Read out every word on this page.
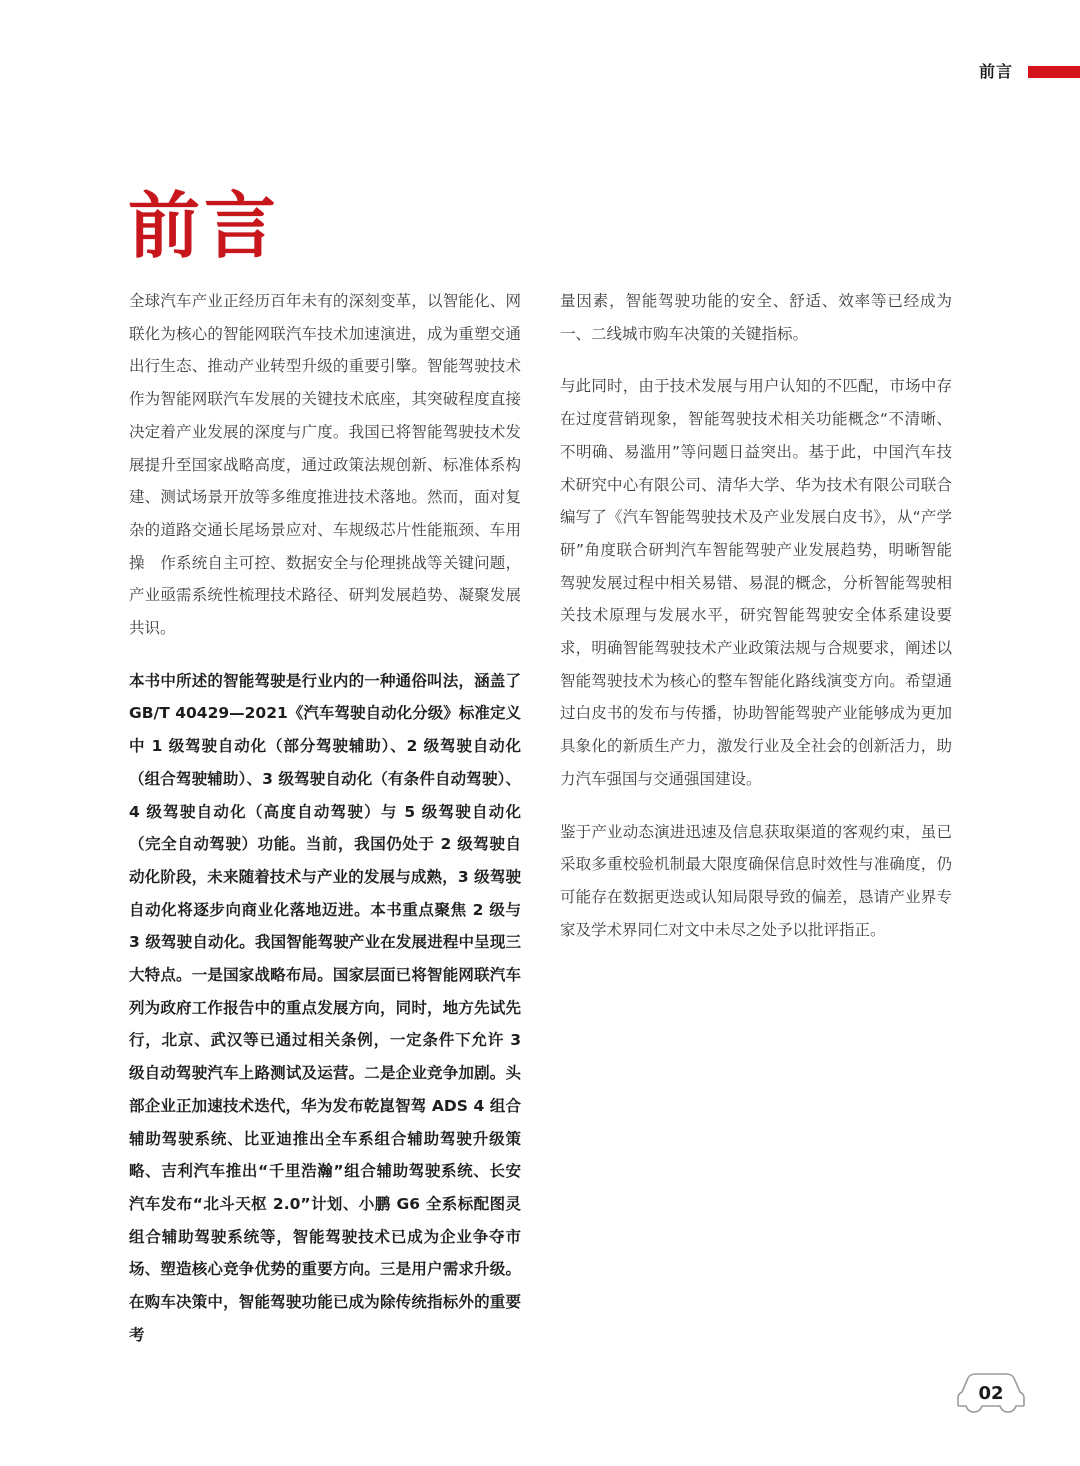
前言
前言

全球汽车产业正经历百年未有的深刻变革，以智能化、网联化为核心的智能网联汽车技术加速演进，成为重塑交通出行生态、推动产业转型升级的重要引擎。智能驾驶技术作为智能网联汽车发展的关键技术底座，其突破程度直接决定着产业发展的深度与广度。我国已将智能驾驶技术发展提升至国家战略高度，通过政策法规创新、标准体系构建、测试场景开放等多维度推进技术落地。然而，面对复杂的道路交通长尾场景应对、车规级芯片性能瓶颈、车用操　作系统自主可控、数据安全与伦理挑战等关键问题，产业亟需系统性梳理技术路径、研判发展趋势、凝聚发展共识。

本书中所述的智能驾驶是行业内的一种通俗叫法，涵盖了 GB/T 40429—2021《汽车驾驶自动化分级》标准定义中 1 级驾驶自动化（部分驾驶辅助）、2 级驾驶自动化（组合驾驶辅助）、3 级驾驶自动化（有条件自动驾驶）、4 级驾驶自动化（高度自动驾驶）与 5 级驾驶自动化（完全自动驾驶）功能。当前，我国仍处于 2 级驾驶自动化阶段，未来随着技术与产业的发展与成熟，3 级驾驶自动化将逐步向商业化落地迈进。本书重点聚焦 2 级与 3 级驾驶自动化。我国智能驾驶产业在发展进程中呈现三大特点。一是国家战略布局。国家层面已将智能网联汽车列为政府工作报告中的重点发展方向，同时，地方先试先行，北京、武汉等已通过相关条例，一定条件下允许 3 级自动驾驶汽车上路测试及运营。二是企业竞争加剧。头部企业正加速技术迭代，华为发布乾崑智驾 ADS 4 组合辅助驾驶系统、比亚迪推出全车系组合辅助驾驶升级策略、吉利汽车推出“千里浩瀚”组合辅助驾驶系统、长安汽车发布“北斗天枢 2.0”计划、小鹏 G6 全系标配图灵组合辅助驾驶系统等，智能驾驶技术已成为企业争夺市场、塑造核心竞争优势的重要方向。三是用户需求升级。在购车决策中，智能驾驶功能已成为除传统指标外的重要考

量因素，智能驾驶功能的安全、舒适、效率等已经成为一、二线城市购车决策的关键指标。

与此同时，由于技术发展与用户认知的不匹配，市场中存在过度营销现象，智能驾驶技术相关功能概念“不清晰、不明确、易滥用”等问题日益突出。基于此，中国汽车技术研究中心有限公司、清华大学、华为技术有限公司联合编写了《汽车智能驾驶技术及产业发展白皮书》，从“产学研”角度联合研判汽车智能驾驶产业发展趋势，明晰智能驾驶发展过程中相关易错、易混的概念，分析智能驾驶相关技术原理与发展水平，研究智能驾驶安全体系建设要求，明确智能驾驶技术产业政策法规与合规要求，阐述以智能驾驶技术为核心的整车智能化路线演变方向。希望通过白皮书的发布与传播，协助智能驾驶产业能够成为更加具象化的新质生产力，激发行业及全社会的创新活力，助力汽车强国与交通强国建设。

鉴于产业动态演进迅速及信息获取渠道的客观约束，虽已采取多重校验机制最大限度确保信息时效性与准确度，仍可能存在数据更迭或认知局限导致的偏差，恳请产业界专家及学术界同仁对文中未尽之处予以批评指正。

02
